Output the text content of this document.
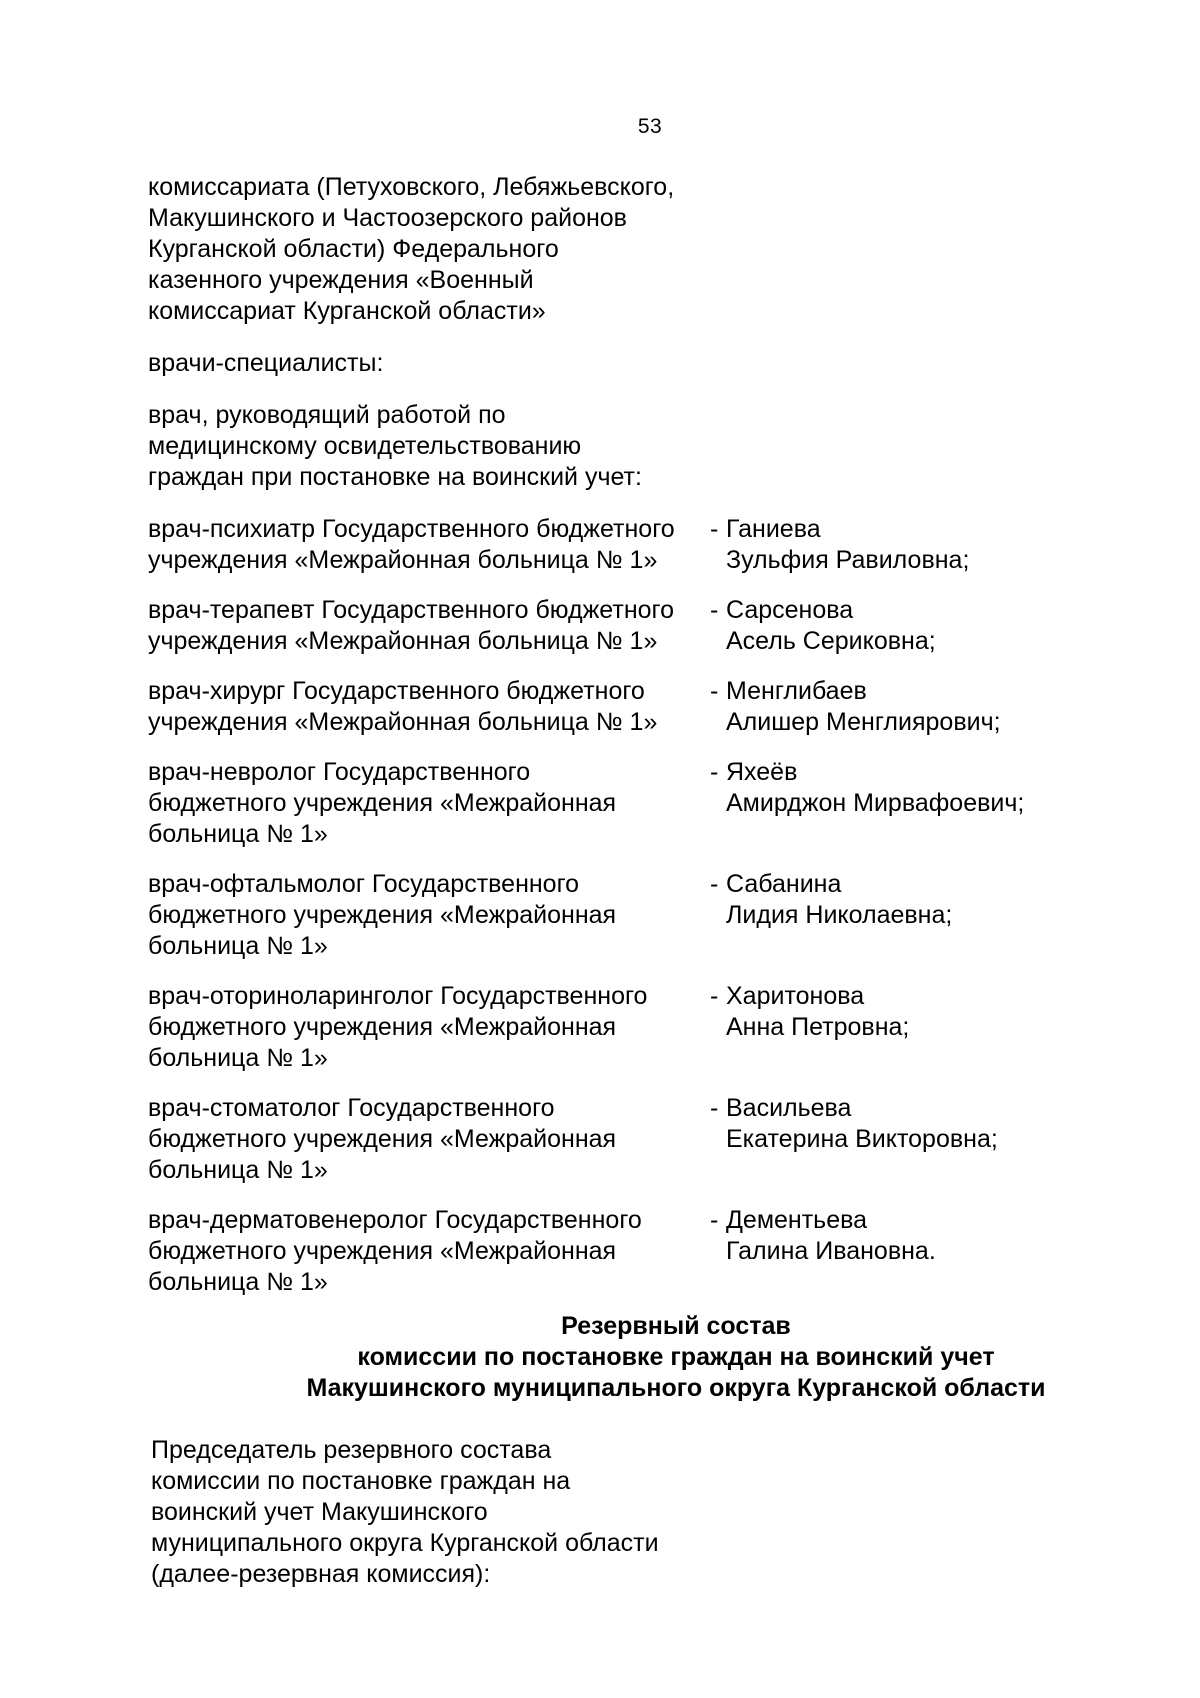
53

комиссариата (Петуховского, Лебяжьевского,
Макушинского и Частоозерского районов
Курганской области) Федерального
казенного учреждения «Военный
комиссариат Курганской области»

врачи-специалисты:

врач, руководящий работой по
медицинскому освидетельствованию
граждан при постановке на воинский учет:

врач-психиатр Государственного бюджетного
учреждения «Межрайонная больница № 1»
- Ганиева
Зульфия Равиловна;
врач-терапевт Государственного бюджетного
учреждения «Межрайонная больница № 1»
- Сарсенова
Асель Сериковна;
врач-хирург Государственного бюджетного
учреждения «Межрайонная больница № 1»
- Менглибаев
Алишер Менглиярович;
врач-невролог Государственного
бюджетного учреждения «Межрайонная
больница № 1»
- Яхеёв
Амирджон Мирвафоевич;
врач-офтальмолог Государственного
бюджетного учреждения «Межрайонная
больница № 1»
- Сабанина
Лидия Николаевна;
врач-оториноларинголог Государственного
бюджетного учреждения «Межрайонная
больница № 1»
- Харитонова
Анна Петровна;
врач-стоматолог Государственного
бюджетного учреждения «Межрайонная
больница № 1»
- Васильева
Екатерина Викторовна;
врач-дерматовенеролог Государственного
бюджетного учреждения «Межрайонная
больница № 1»
- Дементьева
Галина Ивановна.
Резервный состав
комиссии по постановке граждан на воинский учет
Макушинского муниципального округа Курганской области
Председатель резервного состава
комиссии по постановке граждан на
воинский учет Макушинского
муниципального округа Курганской области
(далее-резервная комиссия):
